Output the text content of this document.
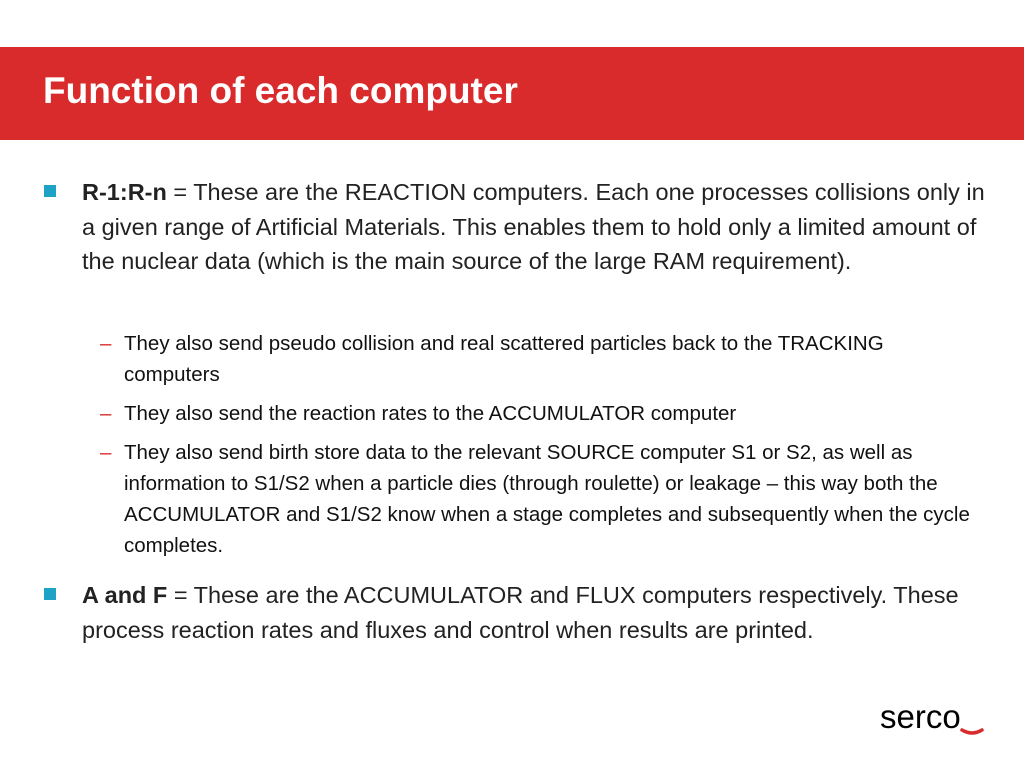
Function of each computer
R-1:R-n = These are the REACTION computers. Each one processes collisions only in a given range of Artificial Materials. This enables them to hold only a limited amount of the nuclear data (which is the main source of the large RAM requirement).
– They also send pseudo collision and real scattered particles back to the TRACKING computers
– They also send the reaction rates to the ACCUMULATOR computer
– They also send birth store data to the relevant SOURCE computer S1 or S2, as well as information to S1/S2 when a particle dies (through roulette) or leakage – this way both the ACCUMULATOR and S1/S2 know when a stage completes and subsequently when the cycle completes.
A and F = These are the ACCUMULATOR and FLUX computers respectively. These process reaction rates and fluxes and control when results are printed.
serco
